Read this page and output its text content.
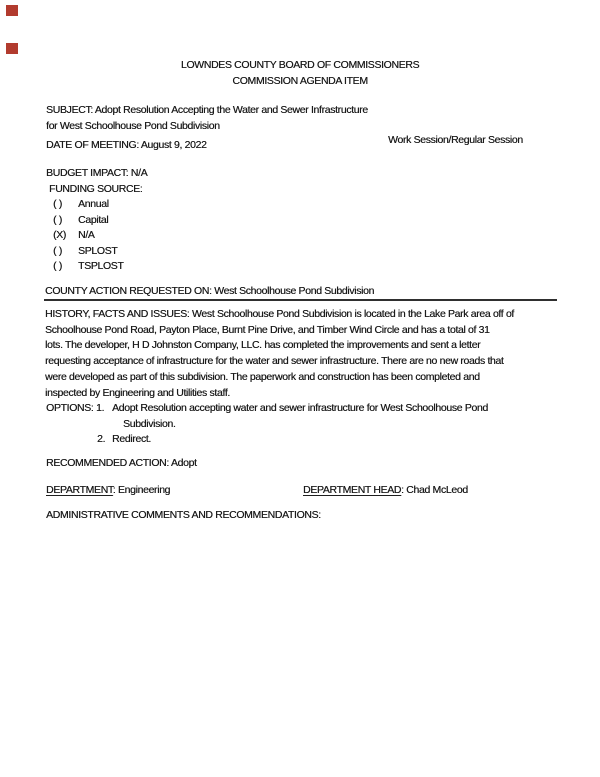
LOWNDES COUNTY BOARD OF COMMISSIONERS
COMMISSION AGENDA ITEM
SUBJECT: Adopt Resolution Accepting the Water and Sewer Infrastructure
for West Schoolhouse Pond Subdivision
Work Session/Regular Session
DATE OF MEETING: August 9, 2022
BUDGET IMPACT: N/A
FUNDING SOURCE:
( ) Annual
( ) Capital
(X) N/A
( ) SPLOST
( ) TSPLOST
COUNTY ACTION REQUESTED ON: West Schoolhouse Pond Subdivision
HISTORY, FACTS AND ISSUES: West Schoolhouse Pond Subdivision is located in the Lake Park area off of
Schoolhouse Pond Road, Payton Place, Burnt Pine Drive, and Timber Wind Circle and has a total of 31
lots. The developer, H D Johnston Company, LLC. has completed the improvements and sent a letter
requesting acceptance of infrastructure for the water and sewer infrastructure. There are no new roads that
were developed as part of this subdivision. The paperwork and construction has been completed and
inspected by Engineering and Utilities staff.
OPTIONS: 1. Adopt Resolution accepting water and sewer infrastructure for West Schoolhouse Pond
Subdivision.
2. Redirect.
RECOMMENDED ACTION: Adopt
DEPARTMENT: Engineering	DEPARTMENT HEAD: Chad McLeod
ADMINISTRATIVE COMMENTS AND RECOMMENDATIONS:
